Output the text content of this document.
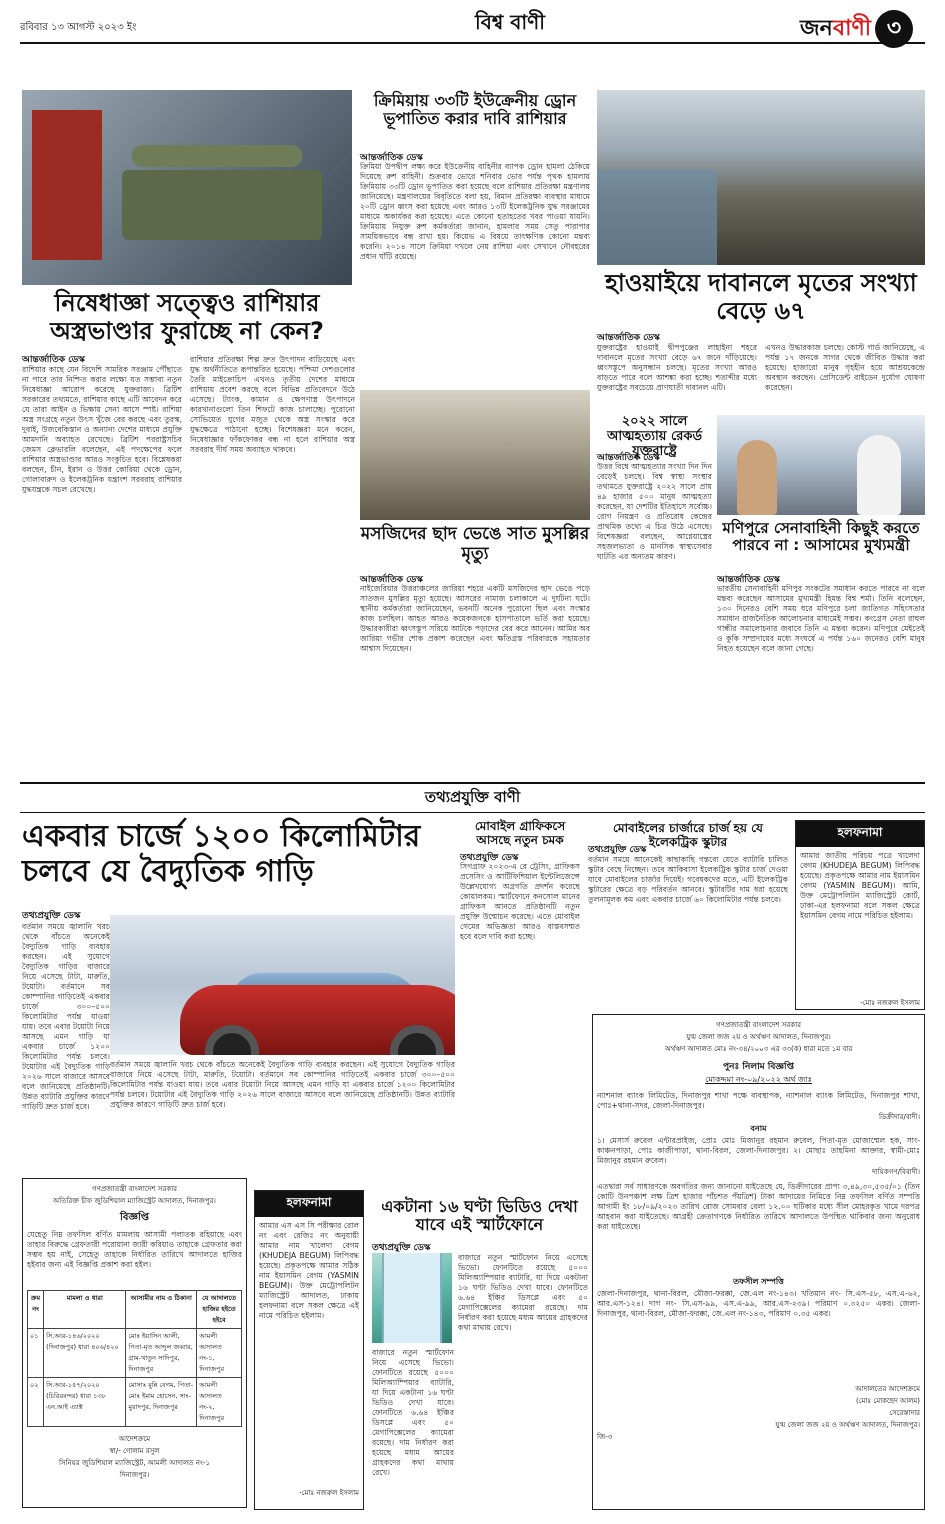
রবিবার ১৩ আগস্ট ২০২৩ ইং	বিশ্ব বাণী	জনবাণী ৩
ক্রিমিয়ায় ৩৩টি ইউক্রেনীয় ড্রোন ভূপাতিত করার দাবি রাশিয়ার
আন্তর্জাতিক ডেস্ক
ক্রিমিয়া উপদ্বীপ লক্ষ্য করে ইউক্রেনীয় বাহিনীর ব্যাপক ড্রোন হামলা ঠেকিয়ে দিয়েছে রুশ বাহিনী। শুক্রবার ভোরে শনিবার ভোর পর্যন্ত পৃথক হামলায় ক্রিমিয়ায় ৩৩টি ড্রোন ভূপাতিত করা হয়েছে বলে রাশিয়ার প্রতিরক্ষা মন্ত্রণালয় জানিয়েছে। মন্ত্রণালয়ের বিবৃতিতে বলা হয়, বিমান প্রতিরক্ষা ব্যবস্থার মাধ্যমে ২০টি ড্রোন ধ্বংস করা হয়েছে এবং আরও ১৩টি ইলেকট্রনিক যুদ্ধ সরঞ্জামের মাধ্যমে অকার্যকর করা হয়েছে। এতে কোনো হতাহতের খবর পাওয়া যায়নি। ক্রিমিয়ায় নিযুক্ত রুশ কর্মকর্তারা জানান, হামলার সময় সেতু পারাপার সাময়িকভাবে বন্ধ রাখা হয়। কিয়েভ এ বিষয়ে তাৎক্ষণিক কোনো মন্তব্য করেনি। ২০১৪ সালে ক্রিমিয়া দখলে নেয় রাশিয়া এবং সেখানে নৌবহরের প্রধান ঘাঁটি রয়েছে।
হাওয়াইয়ে দাবানলে মৃতের সংখ্যা বেড়ে ৬৭
আন্তর্জাতিক ডেস্ক
যুক্তরাষ্ট্রের হাওয়াই দ্বীপপুঞ্জের লাহাইনা শহরে দাবানলে মৃতের সংখ্যা বেড়ে ৬৭ জনে দাঁড়িয়েছে। ধ্বংসস্তূপে অনুসন্ধান চলছে। মৃতের সংখ্যা আরও বাড়তে পারে বলে আশঙ্কা করা হচ্ছে। শতাব্দীর মধ্যে যুক্তরাষ্ট্রের সবচেয়ে প্রাণঘাতী দাবানল এটি।
এখনও উদ্ধারকাজ চলছে। কোস্ট গার্ড জানিয়েছে, এ পর্যন্ত ১৭ জনকে সাগর থেকে জীবিত উদ্ধার করা হয়েছে। হাজারো মানুষ গৃহহীন হয়ে আশ্রয়কেন্দ্রে অবস্থান করছেন। প্রেসিডেন্ট বাইডেন দুর্যোগ ঘোষণা করেছেন।
নিষেধাজ্ঞা সত্ত্বেও রাশিয়ার অস্ত্রভাণ্ডার ফুরাচ্ছে না কেন?
আন্তর্জাতিক ডেস্ক
রাশিয়ার কাছে যেন বিদেশি সামরিক সরঞ্জাম পৌঁছাতে না পারে তার নিশ্চিত করার লক্ষ্যে যত সম্ভাব্য নতুন নিষেধাজ্ঞা আরোপ করেছে যুক্তরাজ্য। ব্রিটিশ সরকারের তথ্যমতে, রাশিয়ার কাছে এটি আবেদন করে যে তারা আইন ও ভিক্ষায় সেনা আসে স্পষ্ট। রাশিয়া অস্ত্র সংগ্রহে নতুন উৎস খুঁজে বের করছে এবং তুরস্ক, দুবাই, উজবেকিস্তান ও অন্যান্য দেশের মাধ্যমে প্রযুক্তি আমদানি অব্যাহত রেখেছে। ব্রিটিশ পররাষ্ট্রসচিব জেমস ক্লেভারলি বলেছেন, এই পদক্ষেপের ফলে রাশিয়ার অস্ত্রভাণ্ডার আরও সংকুচিত হবে। বিশ্লেষকরা বলছেন, চীন, ইরান ও উত্তর কোরিয়া থেকে ড্রোন, গোলাবারুদ ও ইলেকট্রনিক যন্ত্রাংশ সরবরাহ রাশিয়ার যুদ্ধযন্ত্রকে সচল রেখেছে।
রাশিয়ার প্রতিরক্ষা শিল্প দ্রুত উৎপাদন বাড়িয়েছে এবং যুদ্ধ অর্থনীতিতে রূপান্তরিত হয়েছে। পশ্চিমা দেশগুলোর তৈরি মাইক্রোচিপ এখনও তৃতীয় দেশের মাধ্যমে রাশিয়ায় প্রবেশ করছে বলে বিভিন্ন প্রতিবেদনে উঠে এসেছে। ট্যাংক, কামান ও ক্ষেপণাস্ত্র উৎপাদনে কারখানাগুলো তিন শিফটে কাজ চালাচ্ছে। পুরোনো সোভিয়েত যুগের মজুত থেকে অস্ত্র সংস্কার করে যুদ্ধক্ষেত্রে পাঠানো হচ্ছে। বিশেষজ্ঞরা মনে করেন, নিষেধাজ্ঞার ফাঁকফোকর বন্ধ না হলে রাশিয়ার অস্ত্র সরবরাহ দীর্ঘ সময় অব্যাহত থাকবে।
মসজিদের ছাদ ভেঙে সাত মুসল্লির মৃত্যু
আন্তর্জাতিক ডেস্ক
নাইজেরিয়ার উত্তরাঞ্চলের জারিয়া শহরে একটি মসজিদের ছাদ ভেঙে পড়ে সাতজন মুসল্লির মৃত্যু হয়েছে। আসরের নামাজ চলাকালে এ দুর্ঘটনা ঘটে। স্থানীয় কর্মকর্তারা জানিয়েছেন, ভবনটি অনেক পুরোনো ছিল এবং সংস্কার কাজ চলছিল। আহত আরও কয়েকজনকে হাসপাতালে ভর্তি করা হয়েছে। উদ্ধারকারীরা ধ্বংসস্তূপ সরিয়ে আটকে পড়াদের বের করে আনেন। আমির অব জারিয়া গভীর শোক প্রকাশ করেছেন এবং ক্ষতিগ্রস্ত পরিবারকে সহায়তার আশ্বাস দিয়েছেন।
২০২২ সালে আত্মহত্যায় রেকর্ড যুক্তরাষ্ট্রে
আন্তর্জাতিক ডেস্ক
উত্তর বিশ্বে আত্মহত্যার সংখ্যা দিন দিন বেড়েই চলছে। বিশ্ব স্বাস্থ্য সংস্থার তথ্যমতে যুক্তরাষ্ট্রে ২০২২ সালে প্রায় ৪৯ হাজার ৫০০ মানুষ আত্মহত্যা করেছেন, যা দেশটির ইতিহাসে সর্বোচ্চ। রোগ নিয়ন্ত্রণ ও প্রতিরোধ কেন্দ্রের প্রাথমিক তথ্যে এ চিত্র উঠে এসেছে। বিশেষজ্ঞরা বলছেন, আগ্নেয়াস্ত্রের সহজলভ্যতা ও মানসিক স্বাস্থ্যসেবার ঘাটতি এর অন্যতম কারণ।
মণিপুরে সেনাবাহিনী কিছুই করতে পারবে না : আসামের মুখ্যমন্ত্রী
আন্তর্জাতিক ডেস্ক
ভারতীয় সেনাবাহিনী মণিপুর সংকটের সমাধান করতে পারবে না বলে মন্তব্য করেছেন আসামের মুখ্যমন্ত্রী হিমন্ত বিশ্ব শর্মা। তিনি বলেছেন, ১৩০ দিনেরও বেশি সময় ধরে মণিপুরে চলা জাতিগত সহিংসতার সমাধান রাজনৈতিক আলোচনার মাধ্যমেই সম্ভব। কংগ্রেস নেতা রাহুল গান্ধীর সমালোচনার জবাবে তিনি এ মন্তব্য করেন। মণিপুরে মেইতেই ও কুকি সম্প্রদায়ের মধ্যে সংঘর্ষে এ পর্যন্ত ১৬০ জনেরও বেশি মানুষ নিহত হয়েছেন বলে জানা গেছে।
তথ্যপ্রযুক্তি বাণী
একবার চার্জে ১২০০ কিলোমিটার চলবে যে বৈদ্যুতিক গাড়ি
তথ্যপ্রযুক্তি ডেস্ক
বর্তমান সময়ে জ্বালানি খরচ থেকে বাঁচতে অনেকেই বৈদ্যুতিক গাড়ি ব্যবহার করছেন। এই সুযোগে বৈদ্যুতিক গাড়ির বাজারে নিয়ে এসেছে টাটা, মারুতি, টয়োটা। বর্তমানে সব কোম্পানির গাড়িতেই একবার চার্জে ৩০০–৫০০ কিলোমিটার পর্যন্ত যাওয়া যায়। তবে এবার টয়োটা নিয়ে আসছে এমন গাড়ি যা একবার চার্জে ১২০০ কিলোমিটার পর্যন্ত চলবে। টয়োটার এই বৈদ্যুতিক গাড়ি ২০২৬ সালে বাজারে আসবে বলে জানিয়েছে প্রতিষ্ঠানটি। উন্নত ব্যাটারি প্রযুক্তির কারণে গাড়িটি দ্রুত চার্জ হবে।
মোবাইল গ্রাফিকসে আসছে নতুন চমক
তথ্যপ্রযুক্তি ডেস্ক
সিগগ্রাফ ২০২৩-এ রে ট্রেসিং, গ্রাফিকস প্রসেসিং ও আর্টিফিশিয়াল ইন্টেলিজেন্সে উল্লেখযোগ্য অগ্রগতি প্রদর্শন করেছে কোয়ালকম। স্মার্টফোনে কনসোল মানের গ্রাফিকস আনতে প্রতিষ্ঠানটি নতুন প্রযুক্তি উন্মোচন করেছে। এতে মোবাইল গেমের অভিজ্ঞতা আরও বাস্তবসম্মত হবে বলে দাবি করা হচ্ছে।
মোবাইলের চার্জারে চার্জ হয় যে ইলেকট্রিক স্কুটার
তথ্যপ্রযুক্তি ডেস্ক
বর্তমান সময়ে আনেকেই কাছাকাছি গন্তব্যে যেতে ব্যাটারি চালিত স্কুটার বেছে নিচ্ছেন। তবে আকিবাসা ইলেকট্রিক স্কুটার চার্জ দেওয়া যাবে মোবাইলের চার্জার দিয়েই। গবেষকদের মতে, এটি ইলেকট্রিক স্কুটারের ক্ষেত্রে বড় পরিবর্তন আনবে। স্কুটারটির দাম ধরা হয়েছে তুলনামূলক কম এবং একবার চার্জে ৬০ কিলোমিটার পর্যন্ত চলবে।
হলফনামা
আমার জাতীয় পরিচয় পত্রে খালেদা বেগম (KHUDEJA BEGUM) লিপিবদ্ধ হয়েছে। প্রকৃতপক্ষে আমার নাম ইয়াসমিন বেগম (YASMIN BEGUM)। আমি, উক্ত মেট্রোপলিটন ম্যাজিস্ট্রেট কোর্ট, ঢাকা-এর হলফনামা বলে সকল ক্ষেত্রে ইয়াসমিন বেগম নামে পরিচিত হইলাম।
-মোঃ নজরুল ইসলাম
বর্তমান সময়ে জ্বালানি খরচ থেকে বাঁচতে অনেকেই বৈদ্যুতিক গাড়ি ব্যবহার করছেন। এই সুযোগে বৈদ্যুতিক গাড়ির বাজারে নিয়ে এসেছে টাটা, মারুতি, টয়োটা। বর্তমানে সব কোম্পানির গাড়িতেই একবার চার্জে ৩০০–৫০০ কিলোমিটার পর্যন্ত যাওয়া যায়। তবে এবার টয়োটা নিয়ে আসছে এমন গাড়ি যা একবার চার্জে ১২০০ কিলোমিটার পর্যন্ত চলবে। টয়োটার এই বৈদ্যুতিক গাড়ি ২০২৬ সালে বাজারে আসবে বলে জানিয়েছে প্রতিষ্ঠানটি। উন্নত ব্যাটারি প্রযুক্তির কারণে গাড়িটি দ্রুত চার্জ হবে।
গণপ্রজাতন্ত্রী বাংলাদেশ সরকার
অতিরিক্ত চীফ জুডিশিয়াল ম্যাজিস্ট্রেট আদালত, দিনাজপুর।
বিজ্ঞপ্তি
যেহেতু নিম্ন তফসিল বর্ণিত মামলায় আসামী পলাতক রহিয়াছে এবং তাহার বিরুদ্ধে গ্রেফতারী পরোয়ানা জারী করিয়াও তাহাকে গ্রেফতার করা সম্ভব হয় নাই, সেহেতু তাহাকে নির্ধারিত তারিখে আদালতে হাজির হইবার জন্য এই বিজ্ঞপ্তি প্রকাশ করা হইল।
ক্রম নং	মামলা ও ধারা	আসামীর নাম ও ঠিকানা	যে আদালতে হাজির হইতে হইবে
০১	সি.আর-১৪৬/২০২০ (দিনাজপুর) ধারা ৪০৬/৪২০	মোঃ ইয়াসিন আলী, পিতা-মৃত আব্দুল জব্বার, গ্রাম-খাতুন সাদিপুর, দিনাজপুর	আমলী আদালত নং-১, দিনাজপুর
০২	সি.আর-১৫৭/২০২০ (চিরিরবন্দর) ধারা ১৩৮ এন.আই এ্যাক্ট	মোসাঃ মুন্নি বেগম, পিতা-মোঃ ইমাম হোসেন, সাং-মুরাদপুর, দিনাজপুর	আমলী আদালত নং-২, দিনাজপুর
আদেশক্রমে
স্বা/- গোলাম রসুল
সিনিয়র জুডিশিয়াল ম্যাজিস্ট্রেট, আমলী আদালত নং-১
দিনাজপুর।
হলফনামা
আমার এস এস সি পরীক্ষার রোল নং এবং রেজিঃ নং অনুযায়ী আমার নাম খালেদা বেগম (KHUDEJA BEGUM) লিপিবদ্ধ হয়েছে। প্রকৃতপক্ষে আমার সঠিক নাম ইয়াসমিন বেগম (YASMIN BEGUM)। উক্ত মেট্রোপলিটন ম্যাজিস্ট্রেট আদালত, ঢাকায় হলফনামা বলে সকল ক্ষেত্রে এই নামে পরিচিত হইলাম।
-মোঃ নজরুল ইসলাম
একটানা ১৬ ঘণ্টা ভিডিও দেখা যাবে এই স্মার্টফোনে
তথ্যপ্রযুক্তি ডেস্ক
বাজারে নতুন স্মার্টফোন নিয়ে এসেছে ভিভো। ফোনটিতে রয়েছে ৫০০০ মিলিঅ্যাম্পিয়ার ব্যাটারি, যা দিয়ে একটানা ১৬ ঘণ্টা ভিডিও দেখা যাবে। ফোনটিতে ৬.৬৪ ইঞ্চির ডিসপ্লে এবং ৫০ মেগাপিক্সেলের ক্যামেরা রয়েছে। দাম নির্ধারণ করা হয়েছে মধ্যম আয়ের গ্রাহকদের কথা মাথায় রেখে।
বাজারে নতুন স্মার্টফোন নিয়ে এসেছে ভিভো। ফোনটিতে রয়েছে ৫০০০ মিলিঅ্যাম্পিয়ার ব্যাটারি, যা দিয়ে একটানা ১৬ ঘণ্টা ভিডিও দেখা যাবে। ফোনটিতে ৬.৬৪ ইঞ্চির ডিসপ্লে এবং ৫০ মেগাপিক্সেলের ক্যামেরা রয়েছে। দাম নির্ধারণ করা হয়েছে মধ্যম আয়ের গ্রাহকদের কথা মাথায় রেখে।
গণপ্রজাতন্ত্রী বাংলাদেশ সরকার
যুগ্ম জেলা জজ ২য় ও অর্থঋণ আদালত, দিনাজপুর।
অর্থঋণ আদালত মোঃ নং-৩৪/২০০৩ এর ৩৩(ক) ধারা মতে ১ম বার
পুনঃ নিলাম বিজ্ঞপ্তি
মোকদ্দমা নং-০৯/২০২২ অর্থ জাঃ
ন্যাশনাল ব্যাংক লিমিটেড, দিনাজপুর শাখা পক্ষে ব্যবস্থাপক, ন্যাশনাল ব্যাংক লিমিটেড, দিনাজপুর শাখা, পোঃ+থানা-সদর, জেলা-দিনাজপুর।
ডিক্রীদার/বাদী।
বনাম
১। মেসার্স রুবেল এন্টারপ্রাইজ, প্রোঃ মোঃ মিজানুর রহমান রুবেল, পিতা-মৃত মোজাম্মেল হক, সাং-কাঞ্চনপাড়া, পোঃ কাজীপাড়া, থানা-বিরল, জেলা-দিনাজপুর। ২। মোছাঃ তাহমিনা আক্তার, স্বামী-মোঃ মিজানুর রহমান রুবেল।
দায়িকগণ/বিবাদী।
এতদ্বারা সর্ব সাধারণকে অবগতির জন্য জানানো যাইতেছে যে, ডিক্রীদারের প্রাপ্য ৩,৪৯,৩০,৫৩৫/০১ (তিন কোটি উনপঞ্চাশ লক্ষ ত্রিশ হাজার পাঁচশত পঁয়ত্রিশ) টাকা আদায়ের নিমিত্তে নিম্ন তফসিল বর্ণিত সম্পত্তি আগামী ইং ১৮/০৯/২০২৩ তারিখ রোজ সোমবার বেলা ১২.০০ ঘটিকার মধ্যে সীল মোহরকৃত খামে দরপত্র আহবান করা যাইতেছে। আগ্রহী ক্রেতাগণকে নির্ধারিত তারিখে আদালতে উপস্থিত থাকিবার জন্য অনুরোধ করা যাইতেছে।
তফসীল সম্পত্তি
জেলা-দিনাজপুর, থানা-বিরল, মৌজা-ফরক্কা, জে.এল নং-১৪৩। খতিয়ান নং- সি.এস-৫৮, এস.এ-৬২, আর.এস-১২৪। দাগ নং- সি.এস-৯৯, এস.এ-৯৯, আর.এস-২৩৯। পরিমাণ ০.৩২৫০ একর। জেলা-দিনাজপুর, থানা-বিরল, মৌজা-ফরক্কা, জে.এল নং-১৪৩, পরিমাণ ০.৩৫ একর।
আদালতের আদেশক্রমে
(মোঃ মোকছেদ আলম)
সেরেস্তাদার
যুগ্ম জেলা জজ ২য় ও অর্থঋণ আদালত, দিনাজপুর।
জি-৩
